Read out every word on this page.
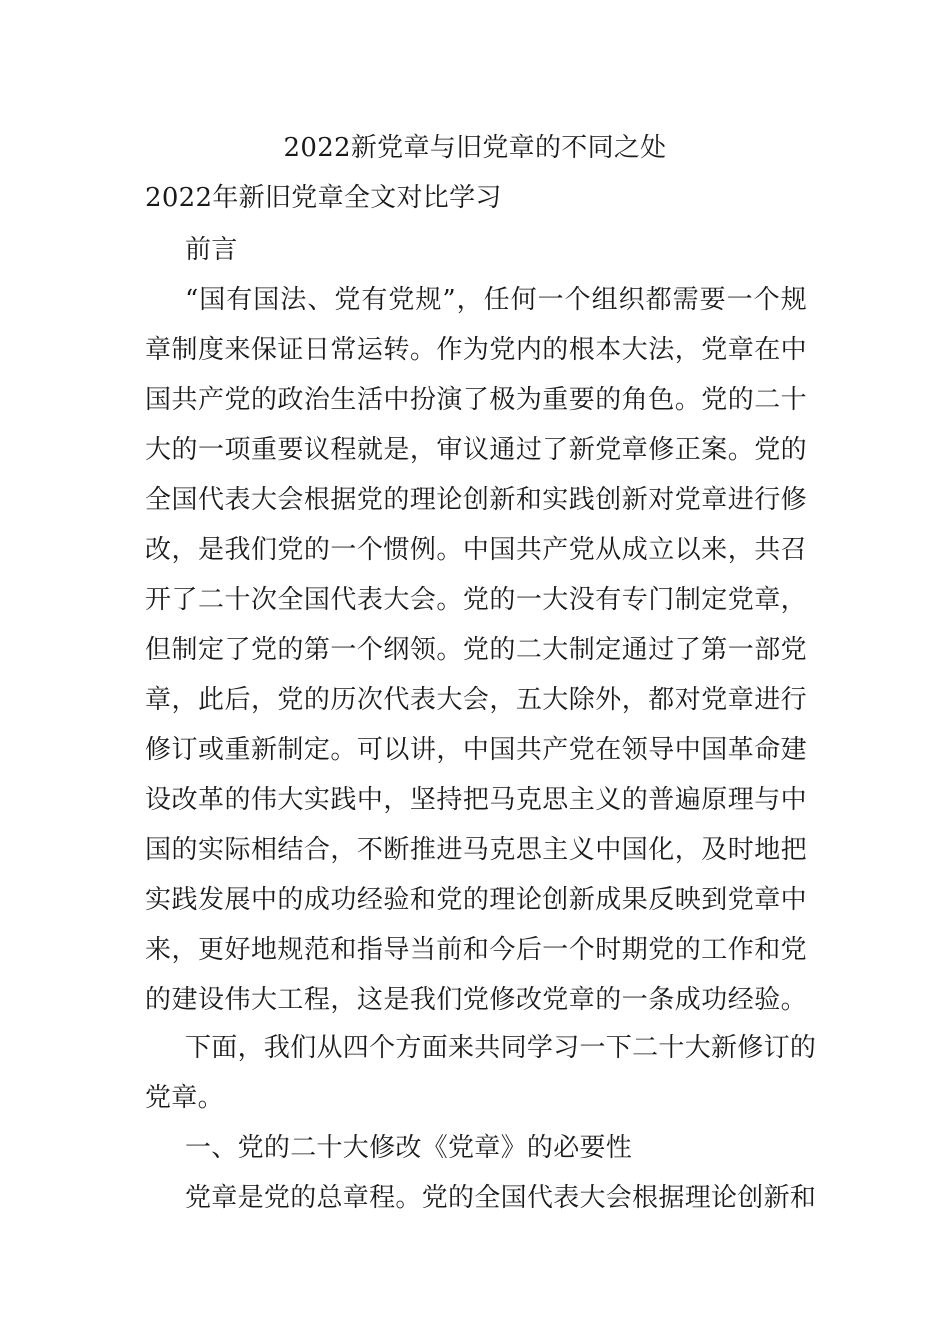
2022新党章与旧党章的不同之处
2022年新旧党章全文对比学习
前言
“国有国法、党有党规”，任何一个组织都需要一个规
章制度来保证日常运转。作为党内的根本大法，党章在中
国共产党的政治生活中扮演了极为重要的角色。党的二十
大的一项重要议程就是，审议通过了新党章修正案。党的
全国代表大会根据党的理论创新和实践创新对党章进行修
改，是我们党的一个惯例。中国共产党从成立以来，共召
开了二十次全国代表大会。党的一大没有专门制定党章，
但制定了党的第一个纲领。党的二大制定通过了第一部党
章，此后，党的历次代表大会，五大除外，都对党章进行
修订或重新制定。可以讲，中国共产党在领导中国革命建
设改革的伟大实践中，坚持把马克思主义的普遍原理与中
国的实际相结合，不断推进马克思主义中国化，及时地把
实践发展中的成功经验和党的理论创新成果反映到党章中
来，更好地规范和指导当前和今后一个时期党的工作和党
的建设伟大工程，这是我们党修改党章的一条成功经验。
下面，我们从四个方面来共同学习一下二十大新修订的
党章。
一、党的二十大修改《党章》的必要性
党章是党的总章程。党的全国代表大会根据理论创新和
